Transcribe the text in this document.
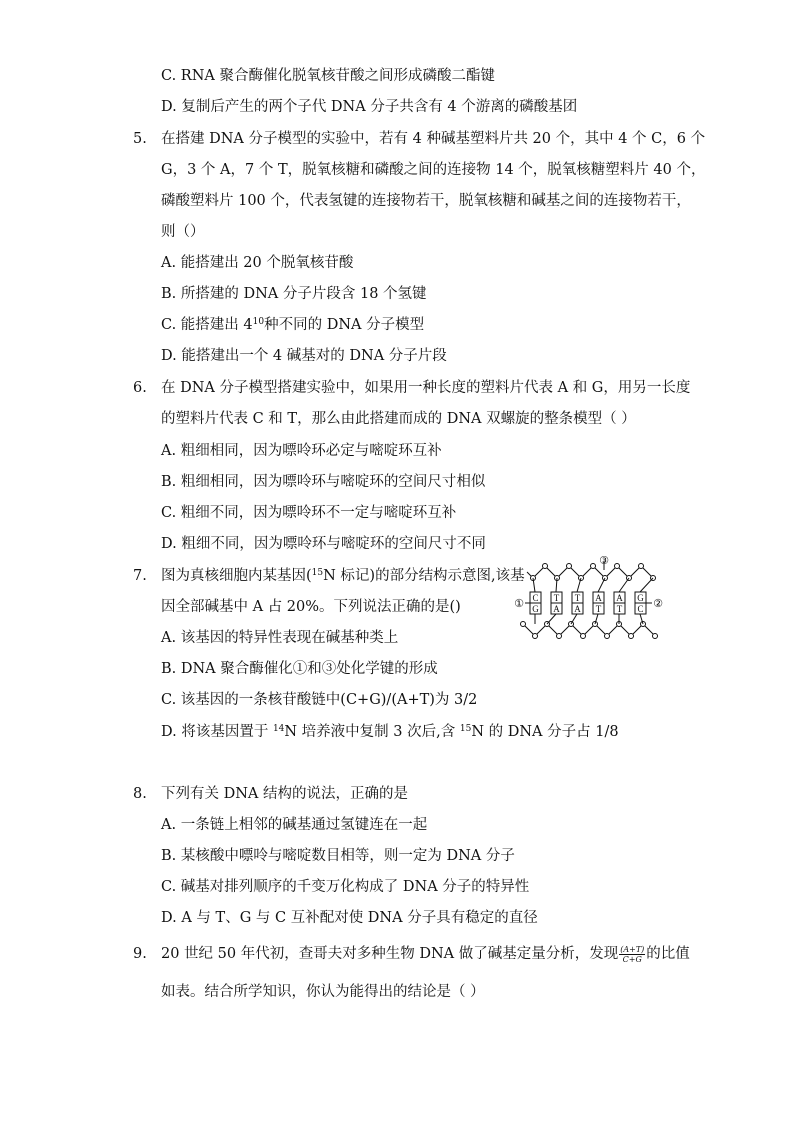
C. RNA 聚合酶催化脱氧核苷酸之间形成磷酸二酯键
D. 复制后产生的两个子代 DNA 分子共含有 4 个游离的磷酸基团
5. 在搭建 DNA 分子模型的实验中，若有 4 种碱基塑料片共 20 个，其中 4 个 C，6 个
G，3 个 A，7 个 T，脱氧核糖和磷酸之间的连接物 14 个，脱氧核糖塑料片 40 个，
磷酸塑料片 100 个，代表氢键的连接物若干，脱氧核糖和碱基之间的连接物若干，
则（）
A. 能搭建出 20 个脱氧核苷酸
B. 所搭建的 DNA 分子片段含 18 个氢键
C. 能搭建出 $4^{10}$种不同的 DNA 分子模型
D. 能搭建出一个 4 碱基对的 DNA 分子片段
6. 在 DNA 分子模型搭建实验中，如果用一种长度的塑料片代表 A 和 G，用另一长度
的塑料片代表 C 和 T，那么由此搭建而成的 DNA 双螺旋的整条模型（ ）
A. 粗细相同，因为嘌呤环必定与嘧啶环互补
B. 粗细相同，因为嘌呤环与嘧啶环的空间尺寸相似
C. 粗细不同，因为嘌呤环不一定与嘧啶环互补
D. 粗细不同，因为嘌呤环与嘧啶环的空间尺寸不同
7. 图为真核细胞内某基因($^{15}$N 标记)的部分结构示意图,该基
因全部碱基中 A 占 20%。下列说法正确的是()
A. 该基因的特异性表现在碱基种类上
B. DNA 聚合酶催化①和③处化学键的形成
C. 该基因的一条核苷酸链中(C+G)/(A+T)为 3/2
D. 将该基因置于 $^{14}$N 培养液中复制 3 次后,含 $^{15}$N 的 DNA 分子占 1/8
C T T A A G
G A A T T C
①	②
③
8. 下列有关 DNA 结构的说法，正确的是
A. 一条链上相邻的碱基通过氢键连在一起
B. 某核酸中嘌呤与嘧啶数目相等，则一定为 DNA 分子
C. 碱基对排列顺序的千变万化构成了 DNA 分子的特异性
D. A 与 T、G 与 C 互补配对使 DNA 分子具有稳定的直径
9. 20 世纪 50 年代初，查哥夫对多种生物 DNA 做了碱基定量分析，发现 $\frac{(A+T)}{C+G}$ 的比值
如表。结合所学知识，你认为能得出的结论是（ ）
